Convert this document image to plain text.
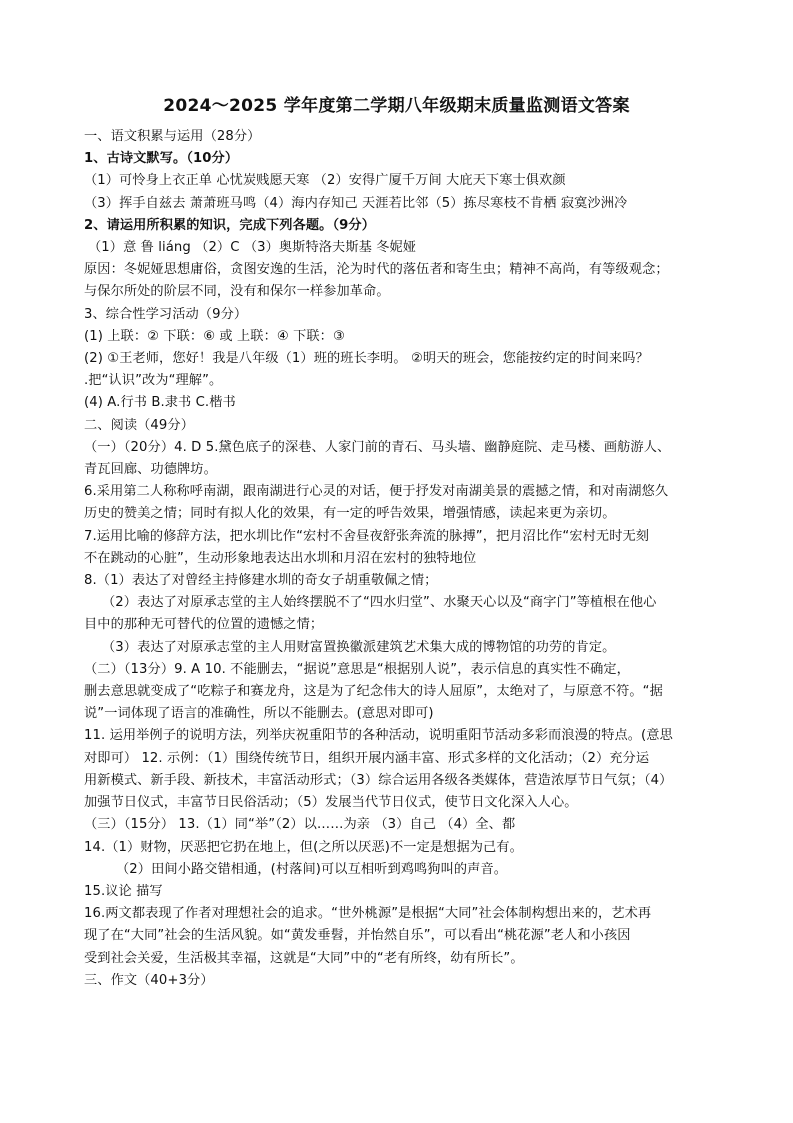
2024～2025 学年度第二学期八年级期末质量监测语文答案
一、语文积累与运用（28分）
1、古诗文默写。（10分）
（1）可怜身上衣正单 心忧炭贱愿天寒 （2）安得广厦千万间 大庇天下寒士俱欢颜
（3）挥手自兹去 萧萧班马鸣（4）海内存知己 天涯若比邻（5）拣尽寒枝不肯栖 寂寞沙洲冷
2、请运用所积累的知识，完成下列各题。（9分）
（1）意 鲁 liáng （2）C （3）奥斯特洛夫斯基 冬妮娅
原因：冬妮娅思想庸俗，贪图安逸的生活，沦为时代的落伍者和寄生虫；精神不高尚，有等级观念；
与保尔所处的阶层不同，没有和保尔一样参加革命。
3、综合性学习活动（9分）
(1) 上联：② 下联：⑥ 或 上联：④ 下联：③
(2) ①王老师，您好！我是八年级（1）班的班长李明。 ②明天的班会，您能按约定的时间来吗？
.把“认识”改为“理解”。
(4) A.行书 B.隶书 C.楷书
二、阅读（49分）
（一）（20分）4. D 5.黛色底子的深巷、人家门前的青石、马头墙、幽静庭院、走马楼、画舫游人、
青瓦回廊、功德牌坊。
6.采用第二人称称呼南湖，跟南湖进行心灵的对话，便于抒发对南湖美景的震撼之情，和对南湖悠久
历史的赞美之情；同时有拟人化的效果，有一定的呼告效果，增强情感，读起来更为亲切。
7.运用比喻的修辞方法，把水圳比作“宏村不舍昼夜舒张奔流的脉搏”，把月沼比作“宏村无时无刻
不在跳动的心脏”，生动形象地表达出水圳和月沼在宏村的独特地位
8.（1）表达了对曾经主持修建水圳的奇女子胡重敬佩之情；
（2）表达了对原承志堂的主人始终摆脱不了“四水归堂”、水聚天心以及“商字门”等植根在他心
目中的那种无可替代的位置的遗憾之情；
（3）表达了对原承志堂的主人用财富置换徽派建筑艺术集大成的博物馆的功劳的肯定。
（二）（13分）9. A 10. 不能删去，“据说”意思是“根据别人说”，表示信息的真实性不确定，
删去意思就变成了“吃粽子和赛龙舟，这是为了纪念伟大的诗人屈原”，太绝对了，与原意不符。“据
说”一词体现了语言的准确性，所以不能删去。(意思对即可)
11. 运用举例子的说明方法，列举庆祝重阳节的各种活动，说明重阳节活动多彩而浪漫的特点。(意思
对即可） 12. 示例：（1）围绕传统节日，组织开展内涵丰富、形式多样的文化活动；（2）充分运
用新模式、新手段、新技术，丰富活动形式；（3）综合运用各级各类媒体，营造浓厚节日气氛；（4）
加强节日仪式，丰富节日民俗活动；（5）发展当代节日仪式，使节日文化深入人心。
（三）（15分） 13.（1）同“举”（2）以……为亲 （3）自己 （4）全、都
14.（1）财物，厌恶把它扔在地上，但(之所以厌恶)不一定是想据为己有。
（2）田间小路交错相通，(村落间)可以互相听到鸡鸣狗叫的声音。
15.议论 描写
16.两文都表现了作者对理想社会的追求。“世外桃源”是根据“大同”社会体制构想出来的，艺术再
现了在“大同”社会的生活风貌。如“黄发垂髫，并怡然自乐”，可以看出“桃花源”老人和小孩因
受到社会关爱，生活极其幸福，这就是“大同”中的“老有所终，幼有所长”。
三、作文（40+3分）
